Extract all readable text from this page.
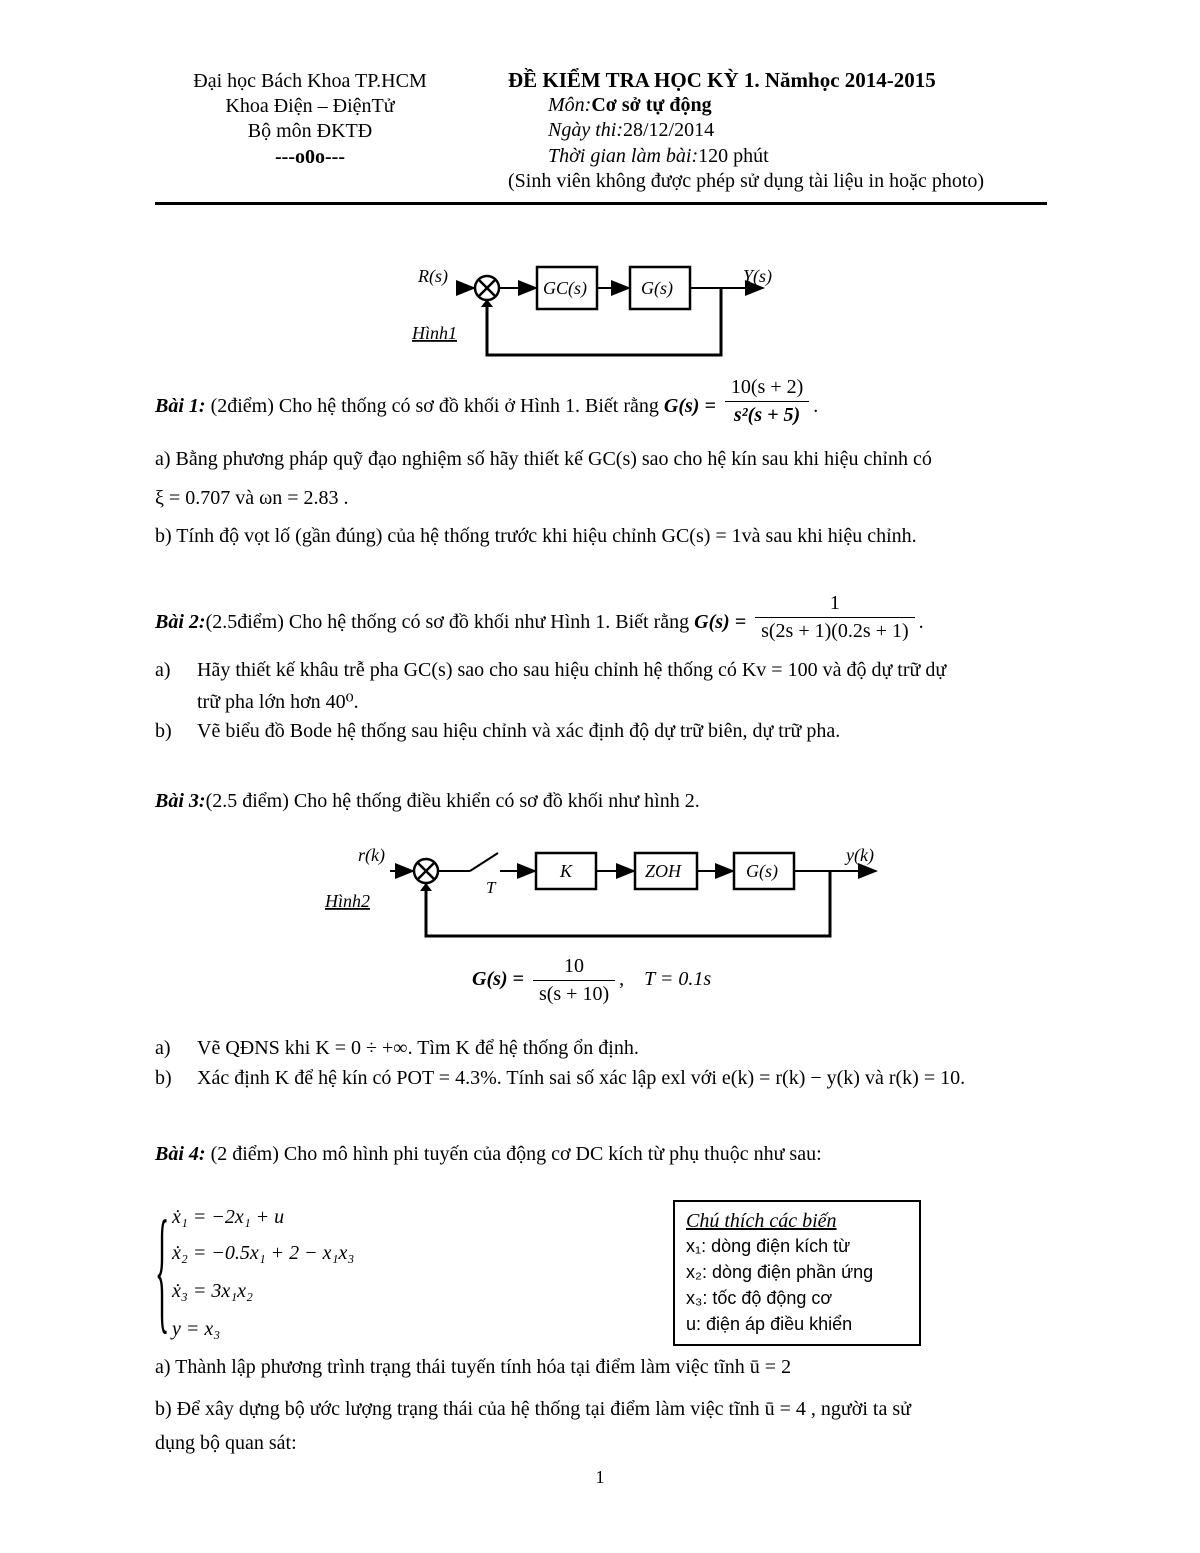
Đại học Bách Khoa TP.HCM
Khoa Điện – ĐiệnTử
Bộ môn ĐKTĐ
---o0o---
ĐỀ KIỂM TRA HỌC KỲ 1. Nămhọc 2014-2015
Môn:Cơ sở tự động
Ngày thi:28/12/2014
Thời gian làm bài:120 phút
(Sinh viên không được phép sử dụng tài liệu in hoặc photo)
R(s)
GC(s)	G(s)
Y(s)
Hình1
Bài 1: (2điểm) Cho hệ thống có sơ đồ khối ở Hình 1. Biết rằng $G(s) = \frac{10(s + 2)}{\text{s²(s + 5)}}$ .
a) Bằng phương pháp quỹ đạo nghiệm số hãy thiết kế GC(s) sao cho hệ kín sau khi hiệu chỉnh có
ξ = 0.707 và ωn = 2.83 .
b) Tính độ vọt lố (gần đúng) của hệ thống trước khi hiệu chỉnh GC(s) = 1và sau khi hiệu chỉnh.
Bài 2:(2.5điểm) Cho hệ thống có sơ đồ khối như Hình 1. Biết rằng $G(s) = \frac{1}{s(2s + 1)(0.2s + 1)}$ .
a) Hãy thiết kế khâu trễ pha GC(s) sao cho sau hiệu chỉnh hệ thống có Kv = 100 và độ dự trữ dự
trữ pha lớn hơn 40⁰.
b) Vẽ biểu đồ Bode hệ thống sau hiệu chỉnh và xác định độ dự trữ biên, dự trữ pha.
Bài 3:(2.5 điểm) Cho hệ thống điều khiển có sơ đồ khối như hình 2.
r(k)
T
K	ZOH	G(s)
y(k)
Hình2
$G(s) = \frac{10}{s(s + 10)}$ ,    T = 0.1s
a) Vẽ QĐNS khi K = 0 ÷ +∞. Tìm K để hệ thống ổn định.
b) Xác định K để hệ kín có POT = 4.3%. Tính sai số xác lập exl với e(k) = r(k) − y(k) và r(k) = 10.
Bài 4: (2 điểm) Cho mô hình phi tuyến của động cơ DC kích từ phụ thuộc như sau:
{ ẋ₁ = −2x₁ + u
ẋ₂ = −0.5x₁ + 2 − x₁x₃
ẋ₃ = 3x₁x₂
y = x₃
Chú thích các biến
x₁: dòng điện kích từ
x₂: dòng điện phần ứng
x₃: tốc độ động cơ
u: điện áp điều khiển
a) Thành lập phương trình trạng thái tuyến tính hóa tại điểm làm việc tĩnh ū = 2
b) Để xây dựng bộ ước lượng trạng thái của hệ thống tại điểm làm việc tĩnh ū = 4 , người ta sử
dụng bộ quan sát:
1
